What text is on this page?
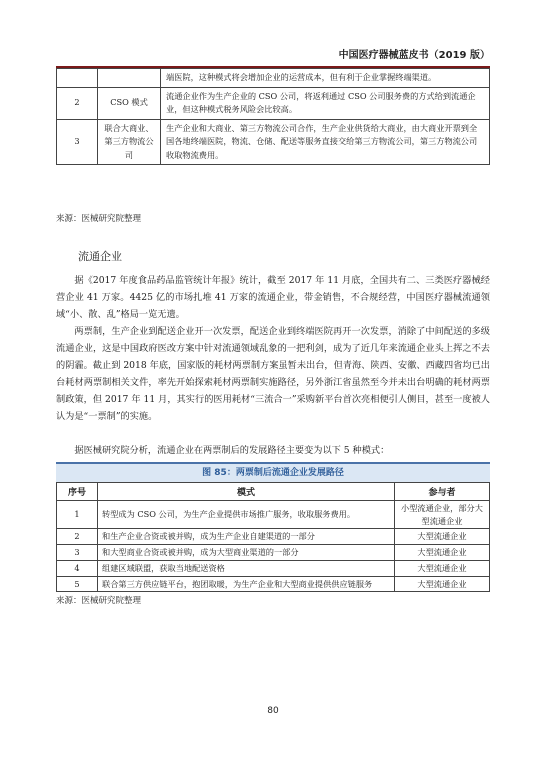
中国医疗器械蓝皮书（2019 版）
		端医院，这种模式将会增加企业的运营成本，但有利于企业掌握终端渠道。
2	CSO 模式	流通企业作为生产企业的 CSO 公司，将返利通过 CSO 公司服务费的方式给到流通企业，但这种模式税务风险会比较高。
3	联合大商业、第三方物流公司	生产企业和大商业、第三方物流公司合作，生产企业供货给大商业，由大商业开票到全国各地终端医院，物流、仓储、配送等服务直接交给第三方物流公司，第三方物流公司收取物流费用。
来源：医械研究院整理
流通企业

据《2017 年度食品药品监管统计年报》统计，截至 2017 年 11 月底，全国共有二、三类医疗器械经营企业 41 万家。4425 亿的市场扎堆 41 万家的流通企业，带金销售，不合规经营，中国医疗器械流通领域“小、散、乱”格局一览无遗。

两票制，生产企业到配送企业开一次发票，配送企业到终端医院再开一次发票，消除了中间配送的多级流通企业，这是中国政府医改方案中针对流通领域乱象的一把利剑，成为了近几年来流通企业头上挥之不去的阴霾。截止到 2018 年底，国家版的耗材两票制方案虽暂未出台，但青海、陕西、安徽、西藏四省均已出台耗材两票制相关文件，率先开始探索耗材两票制实施路径，另外浙江省虽然至今并未出台明确的耗材两票制政策，但 2017 年 11 月，其实行的医用耗材“三流合一”采购新平台首次亮相便引人侧目，甚至一度被人认为是“一票制”的实施。

据医械研究院分析，流通企业在两票制后的发展路径主要变为以下 5 种模式：

图 85：两票制后流通企业发展路径
序号	模式	参与者
1	转型成为 CSO 公司，为生产企业提供市场推广服务，收取服务费用。	小型流通企业，部分大型流通企业
2	和生产企业合资或被并购，成为生产企业自建渠道的一部分	大型流通企业
3	和大型商业合资或被并购，成为大型商业渠道的一部分	大型流通企业
4	组建区域联盟，获取当地配送资格	大型流通企业
5	联合第三方供应链平台，抱团取暖，为生产企业和大型商业提供供应链服务	大型流通企业
来源：医械研究院整理
80
